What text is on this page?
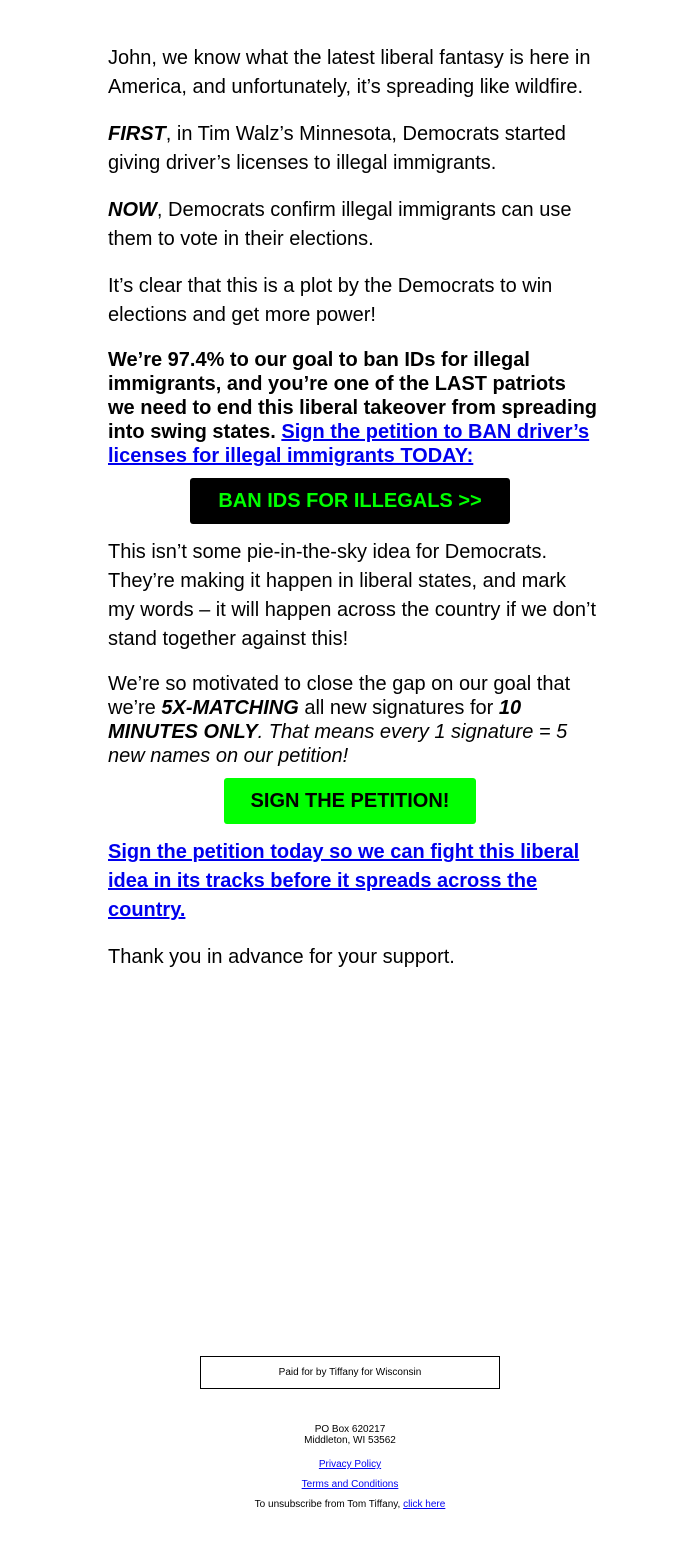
John, we know what the latest liberal fantasy is here in America, and unfortunately, it’s spreading like wildfire.

FIRST, in Tim Walz’s Minnesota, Democrats started giving driver’s licenses to illegal immigrants.

NOW, Democrats confirm illegal immigrants can use them to vote in their elections.

It’s clear that this is a plot by the Democrats to win elections and get more power!

We’re 97.4% to our goal to ban IDs for illegal immigrants, and you’re one of the LAST patriots we need to end this liberal takeover from spreading into swing states. Sign the petition to BAN driver’s licenses for illegal immigrants TODAY:

BAN IDS FOR ILLEGALS >>

This isn’t some pie-in-the-sky idea for Democrats. They’re making it happen in liberal states, and mark my words – it will happen across the country if we don’t stand together against this!

We’re so motivated to close the gap on our goal that we’re 5X-MATCHING all new signatures for 10 MINUTES ONLY. That means every 1 signature = 5 new names on our petition!

SIGN THE PETITION!

Sign the petition today so we can fight this liberal idea in its tracks before it spreads across the country.

Thank you in advance for your support.

Paid for by Tiffany for Wisconsin
PO Box 620217
Middleton, WI 53562
Privacy Policy
Terms and Conditions
To unsubscribe from Tom Tiffany, click here
